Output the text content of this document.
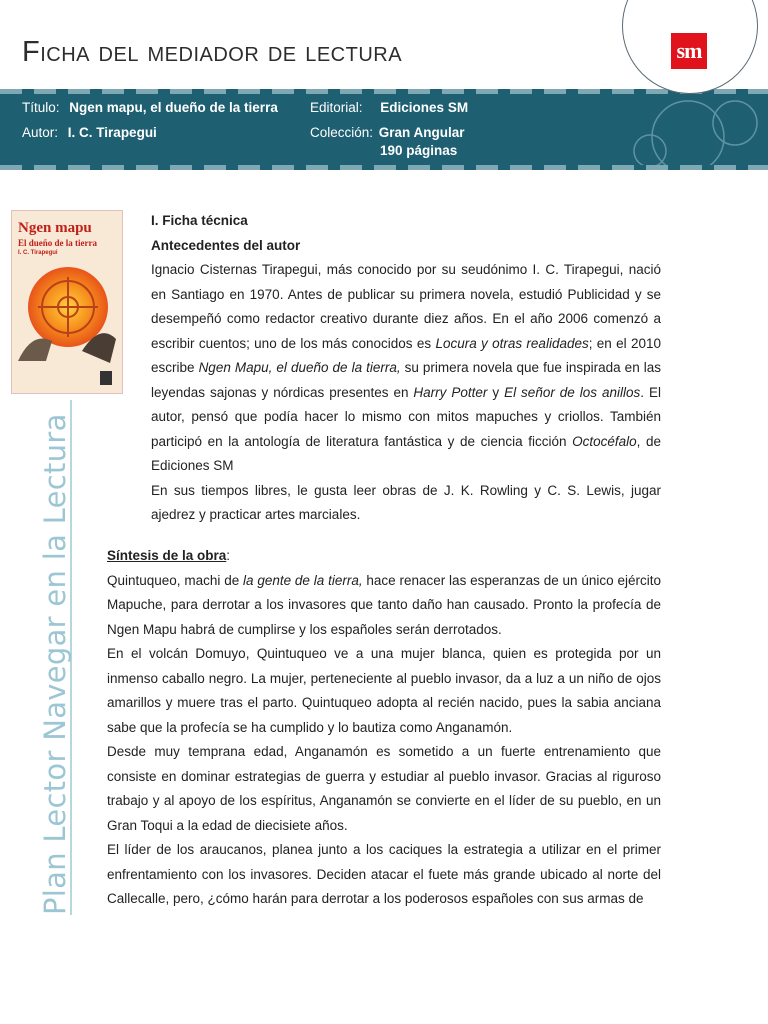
Ficha del mediador de lectura	sm
Título: Ngen mapu, el dueño de la tierra
Autor: I. C. Tirapegui
Editorial: Ediciones SM
Colección: Gran Angular
190 páginas
Ngen mapu
El dueño de la tierra
I. C. Tirapegui
Plan Lector Navegar en la Lectura

I. Ficha técnica

Antecedentes del autor

Ignacio Cisternas Tirapegui, más conocido por su seudónimo I. C. Tirapegui, nació en Santiago en 1970. Antes de publicar su primera novela, estudió Publicidad y se desempeñó como redactor creativo durante diez años. En el año 2006 comenzó a escribir cuentos; uno de los más conocidos es Locura y otras realidades; en el 2010 escribe Ngen Mapu, el dueño de la tierra, su primera novela que fue inspirada en las leyendas sajonas y nórdicas presentes en Harry Potter y El señor de los anillos. El autor, pensó que podía hacer lo mismo con mitos mapuches y criollos. También participó en la antología de literatura fantástica y de ciencia ficción Octocéfalo, de Ediciones SM

En sus tiempos libres, le gusta leer obras de J. K. Rowling y C. S. Lewis, jugar ajedrez y practicar artes marciales.

Síntesis de la obra:

Quintuqueo, machi de la gente de la tierra, hace renacer las esperanzas de un único ejército Mapuche, para derrotar a los invasores que tanto daño han causado. Pronto la profecía de Ngen Mapu habrá de cumplirse y los españoles serán derrotados.

En el volcán Domuyo, Quintuqueo ve a una mujer blanca, quien es protegida por un inmenso caballo negro. La mujer, perteneciente al pueblo invasor, da a luz a un niño de ojos amarillos y muere tras el parto. Quintuqueo adopta al recién nacido, pues la sabia anciana sabe que la profecía se ha cumplido y lo bautiza como Anganamón.

Desde muy temprana edad, Anganamón es sometido a un fuerte entrenamiento que consiste en dominar estrategias de guerra y estudiar al pueblo invasor. Gracias al riguroso trabajo y al apoyo de los espíritus, Anganamón se convierte en el líder de su pueblo, en un Gran Toqui a la edad de diecisiete años.

El líder de los araucanos, planea junto a los caciques la estrategia a utilizar en el primer enfrentamiento con los invasores. Deciden atacar el fuete más grande ubicado al norte del Callecalle, pero, ¿cómo harán para derrotar a los poderosos españoles con sus armas de
